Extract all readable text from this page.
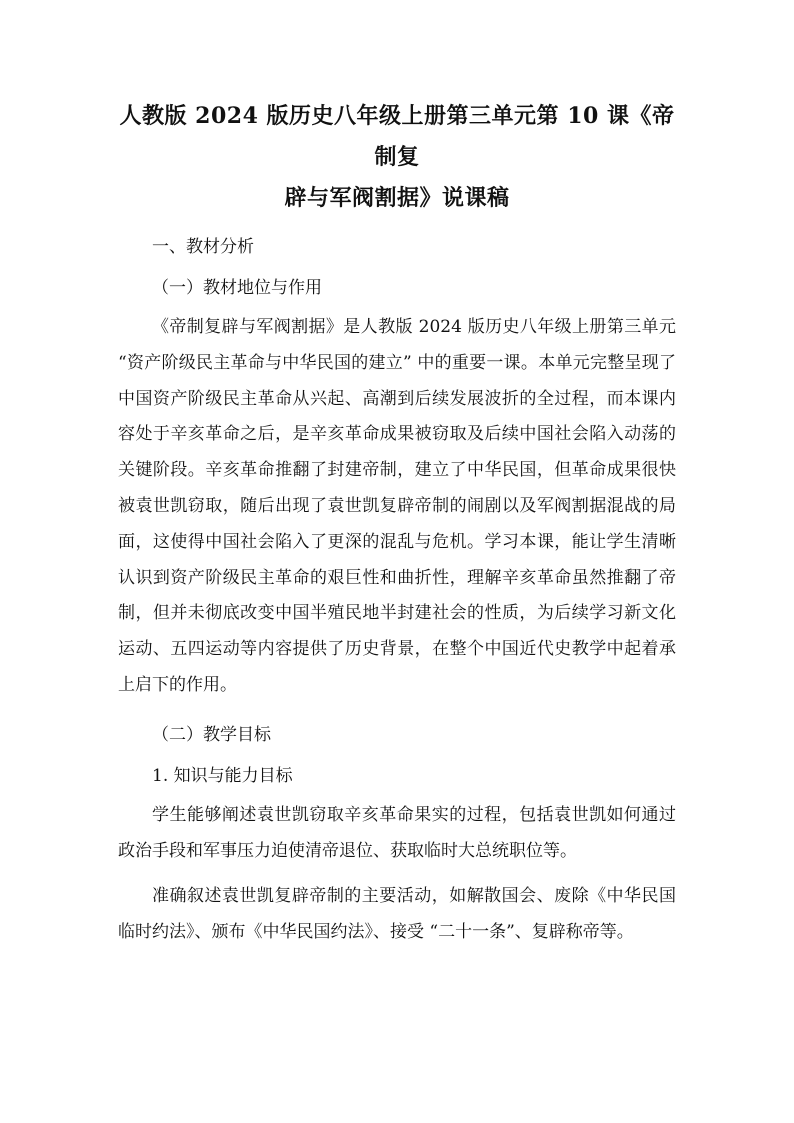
人教版 2024 版历史八年级上册第三单元第 10 课《帝制复
辟与军阀割据》说课稿

一、教材分析

（一）教材地位与作用

《帝制复辟与军阀割据》是人教版 2024 版历史八年级上册第三单元 “资产阶级民主革命与中华民国的建立” 中的重要一课。本单元完整呈现了中国资产阶级民主革命从兴起、高潮到后续发展波折的全过程，而本课内容处于辛亥革命之后，是辛亥革命成果被窃取及后续中国社会陷入动荡的关键阶段。辛亥革命推翻了封建帝制，建立了中华民国，但革命成果很快被袁世凯窃取，随后出现了袁世凯复辟帝制的闹剧以及军阀割据混战的局面，这使得中国社会陷入了更深的混乱与危机。学习本课，能让学生清晰认识到资产阶级民主革命的艰巨性和曲折性，理解辛亥革命虽然推翻了帝制，但并未彻底改变中国半殖民地半封建社会的性质，为后续学习新文化运动、五四运动等内容提供了历史背景，在整个中国近代史教学中起着承上启下的作用。

（二）教学目标

1. 知识与能力目标

学生能够阐述袁世凯窃取辛亥革命果实的过程，包括袁世凯如何通过政治手段和军事压力迫使清帝退位、获取临时大总统职位等。

准确叙述袁世凯复辟帝制的主要活动，如解散国会、废除《中华民国临时约法》、颁布《中华民国约法》、接受 “二十一条”、复辟称帝等。
